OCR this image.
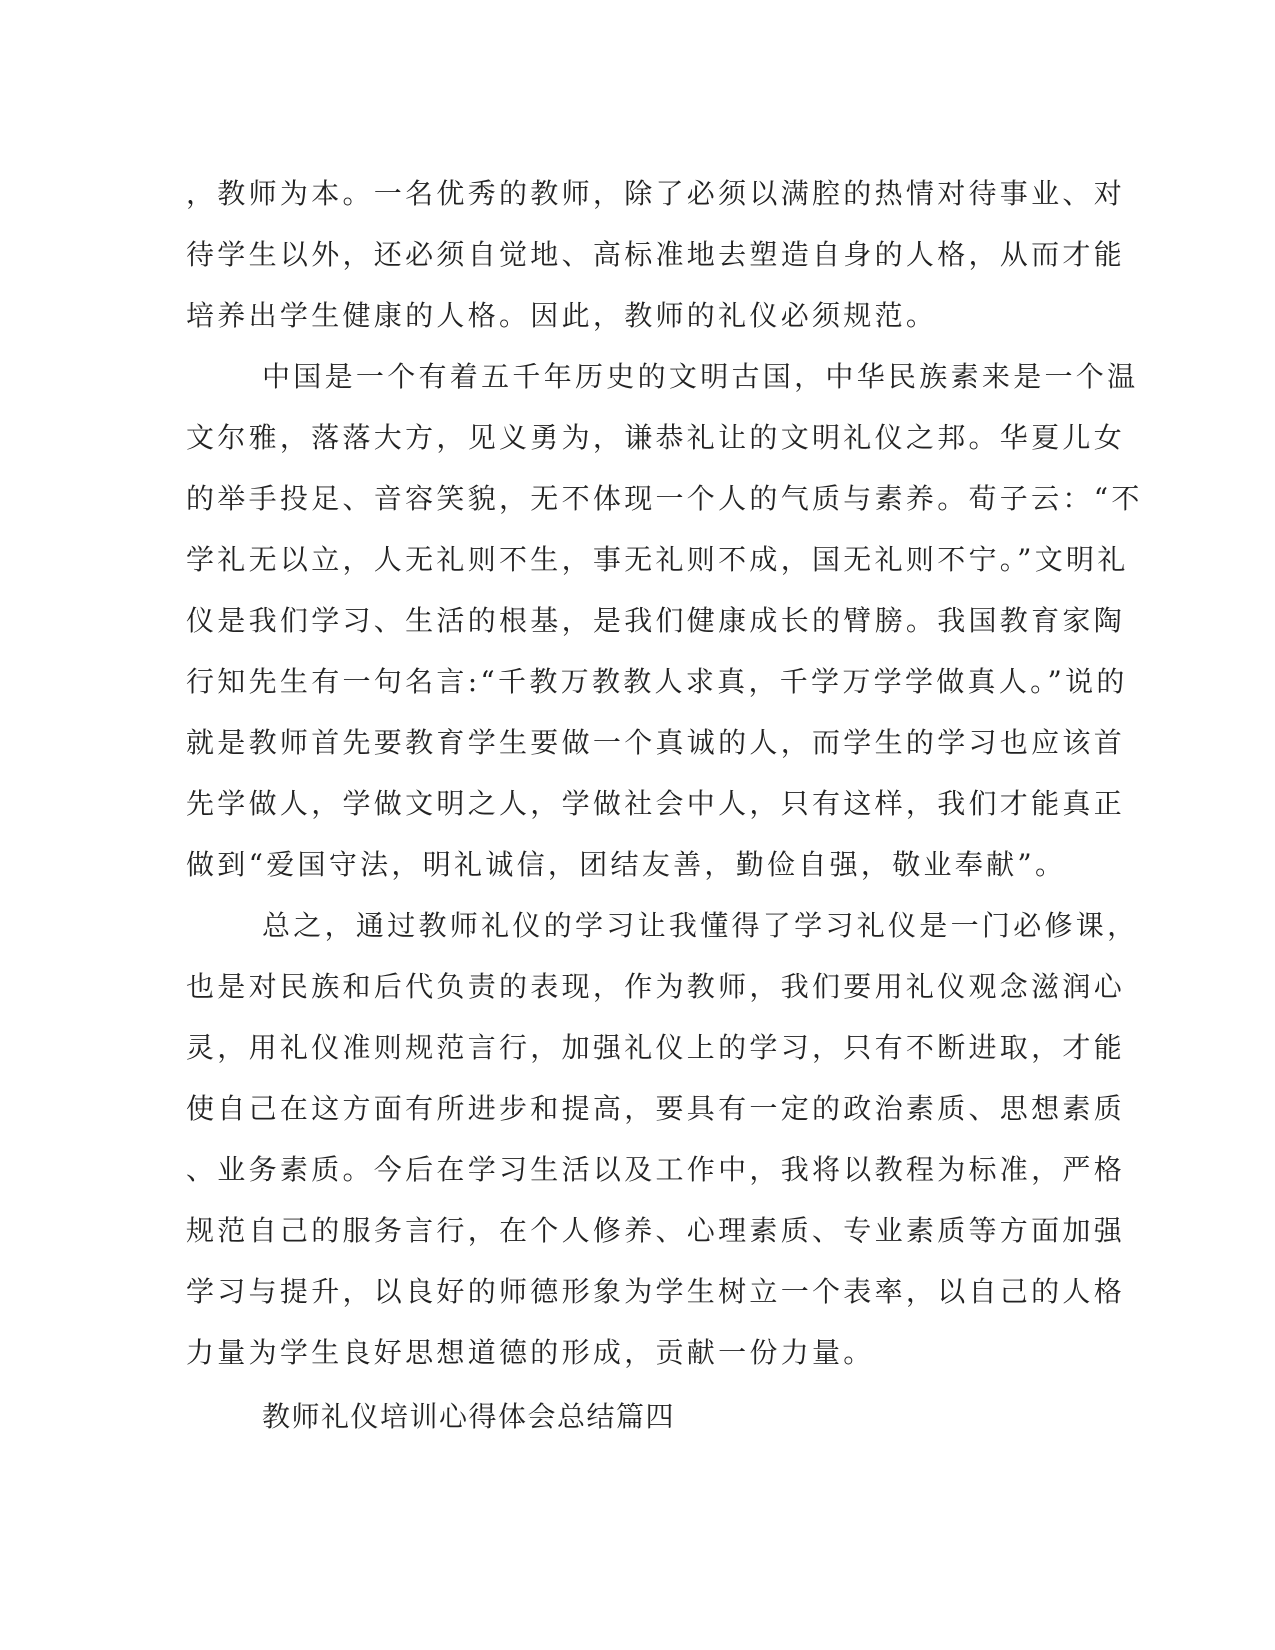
，教师为本。一名优秀的教师，除了必须以满腔的热情对待事业、对
待学生以外，还必须自觉地、高标准地去塑造自身的人格，从而才能
培养出学生健康的人格。因此，教师的礼仪必须规范。
中国是一个有着五千年历史的文明古国，中华民族素来是一个温
文尔雅，落落大方，见义勇为，谦恭礼让的文明礼仪之邦。华夏儿女
的举手投足、音容笑貌，无不体现一个人的气质与素养。荀子云：“不
学礼无以立，人无礼则不生，事无礼则不成，国无礼则不宁。”文明礼
仪是我们学习、生活的根基，是我们健康成长的臂膀。我国教育家陶
行知先生有一句名言:“千教万教教人求真，千学万学学做真人。”说的
就是教师首先要教育学生要做一个真诚的人，而学生的学习也应该首
先学做人，学做文明之人，学做社会中人，只有这样，我们才能真正
做到“爱国守法，明礼诚信，团结友善，勤俭自强，敬业奉献”。
总之，通过教师礼仪的学习让我懂得了学习礼仪是一门必修课，
也是对民族和后代负责的表现，作为教师，我们要用礼仪观念滋润心
灵，用礼仪准则规范言行，加强礼仪上的学习，只有不断进取，才能
使自己在这方面有所进步和提高，要具有一定的政治素质、思想素质
、业务素质。今后在学习生活以及工作中，我将以教程为标准，严格
规范自己的服务言行，在个人修养、心理素质、专业素质等方面加强
学习与提升，以良好的师德形象为学生树立一个表率，以自己的人格
力量为学生良好思想道德的形成，贡献一份力量。
教师礼仪培训心得体会总结篇四
